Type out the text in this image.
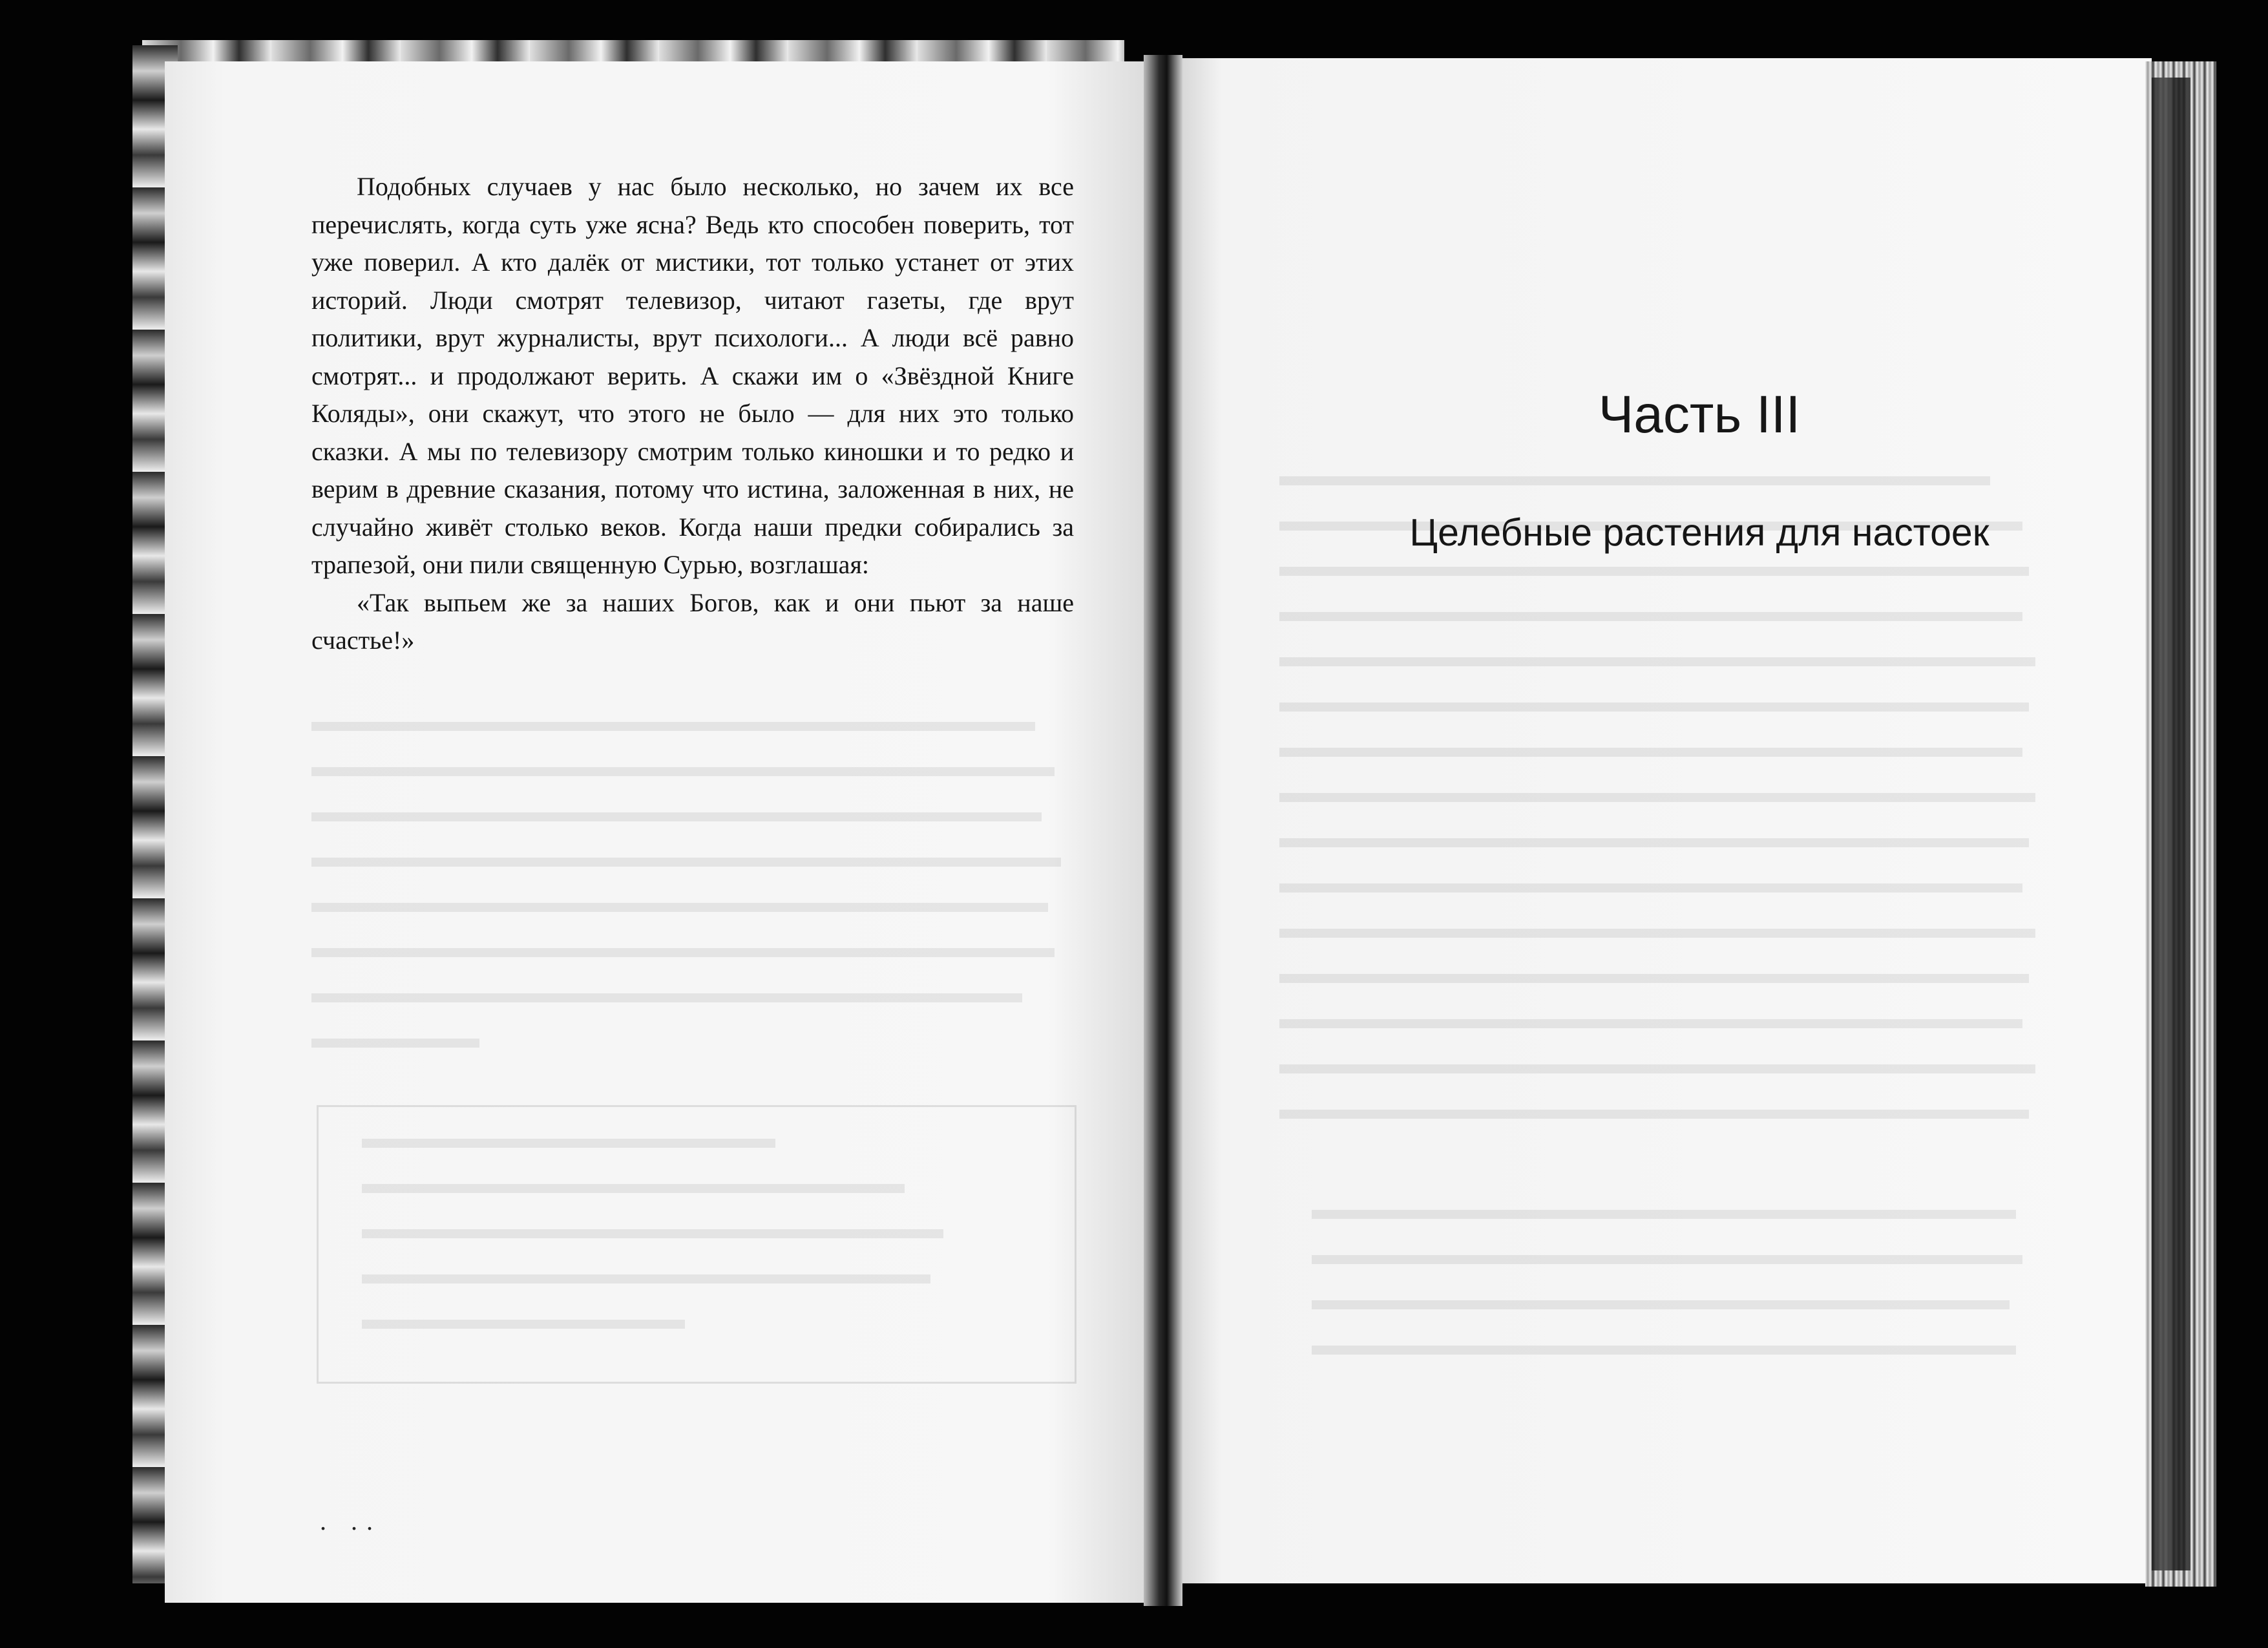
Подобных случаев у нас было несколько, но зачем их все перечислять, когда суть уже ясна? Ведь кто способен поверить, тот уже поверил. А кто далёк от мистики, тот только устанет от этих историй. Люди смотрят телевизор, читают газеты, где врут политики, врут журналисты, врут психологи... А люди всё равно смотрят... и продолжают верить. А скажи им о «Звёздной Книге Коляды», они скажут, что этого не было — для них это только сказки. А мы по телевизору смотрим только киношки и то редко и верим в древние сказания, потому что истина, заложенная в них, не случайно живёт столько веков. Когда наши предки собирались за трапезой, они пили священную Сурью, возглашая:

«Так выпьем же за наших Богов, как и они пьют за наше счастье!»

. ..
Часть III
Целебные растения для настоек
